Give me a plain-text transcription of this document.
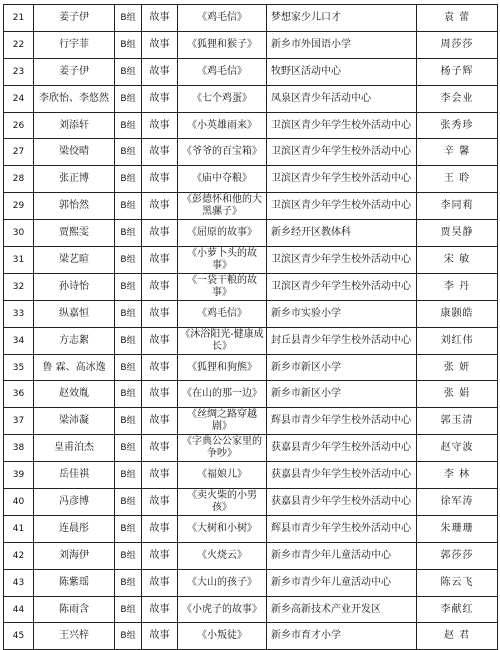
21	姜子伊	B组	故事	《鸡毛信》	梦想家少儿口才	袁 蕾
22	行宇菲	B组	故事	《狐狸和猴子》	新乡市外国语小学	周莎莎
23	姜子伊	B组	故事	《鸡毛信》	牧野区活动中心	杨子辉
24	李欣怡、李悠然	B组	故事	《七个鸡蛋》	凤泉区青少年活动中心	李会业
26	刘添轩	B组	故事	《小英雄雨来》	卫滨区青少年学生校外活动中心	张秀珍
27	梁佼晴	B组	故事	《爷爷的百宝箱》	卫滨区青少年学生校外活动中心	辛 馨
28	张正博	B组	故事	《庙中夺粮》	卫滨区青少年学生校外活动中心	王 聆
29	郭怡然	B组	故事	《彭德怀和他的大黑骡子》	卫滨区青少年学生校外活动中心	李同莉
30	贾熙雯	B组	故事	《屈原的故事》	新乡经开区教体科	贾昊静
31	梁艺暄	B组	故事	《小萝卜头的故事》	卫滨区青少年学生校外活动中心	宋 敏
32	孙诗怡	B组	故事	《一袋干粮的故事》	卫滨区青少年学生校外活动中心	李 丹
33	纵嘉恒	B组	故事	《鸡毛信》	新乡市实验小学	康颢皓
34	方志絮	B组	故事	《沐浴阳光-健康成长》	封丘县青少年学生校外活动中心	刘红伟
35	鲁 霖、高冰逸	B组	故事	《狐狸和狗熊》	新乡市新区小学	张 妍
36	赵效胤	B组	故事	《在山的那一边》	新乡市新区小学	张 娟
37	梁沛凝	B组	故事	《丝绸之路穿越剧》	辉县市青少年学生校外活动中心	郭玉清
38	皇甫泊杰	B组	故事	《字典公公家里的争吵》	获嘉县青少年学生校外活动中心	赵守波
39	岳佳祺	B组	故事	《福娘儿》	获嘉县青少年学生校外活动中心	李 林
40	冯彦博	B组	故事	《卖火柴的小男孩》	获嘉县青少年学生校外活动中心	徐军涛
41	连晨彤	B组	故事	《大树和小树》	辉县市青少年学生校外活动中心	朱珊珊
42	刘海伊	B组	故事	《火烧云》	新乡市青少年儿童活动中心	郭莎莎
43	陈紫瑶	B组	故事	《大山的孩子》	新乡市青少年儿童活动中心	陈云飞
44	陈雨含	B组	故事	《小虎子的故事》	新乡高新技术产业开发区	李献红
45	王兴梓	B组	故事	《小叛徒》	新乡市育才小学	赵 君
